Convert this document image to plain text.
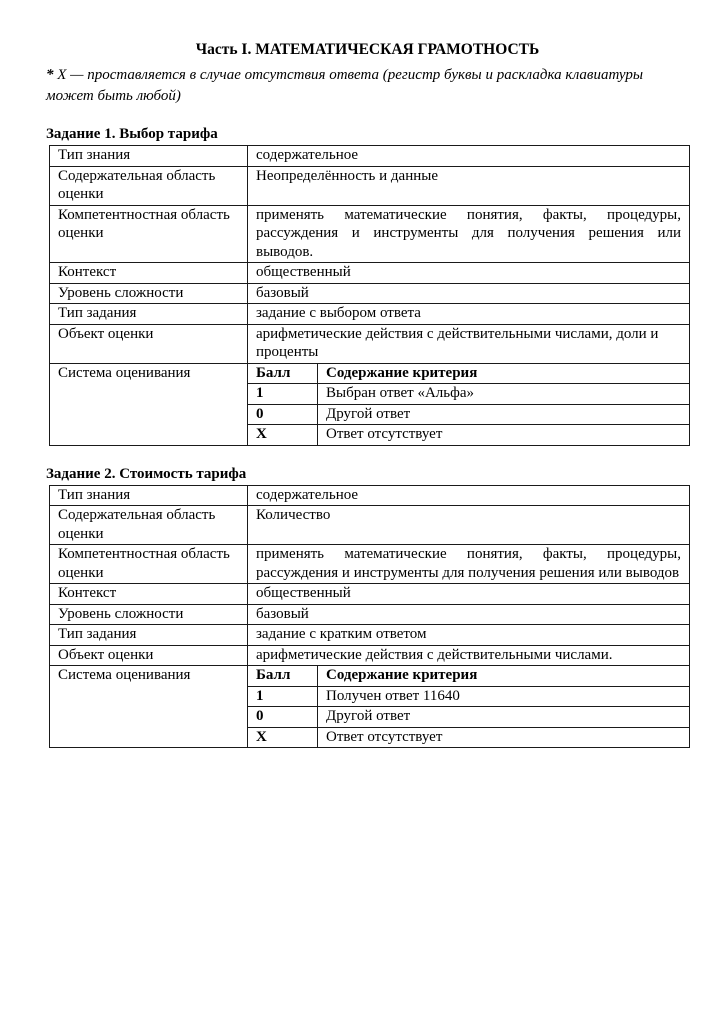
Часть I. МАТЕМАТИЧЕСКАЯ ГРАМОТНОСТЬ

* X — проставляется в случае отсутствия ответа (регистр буквы и раскладка клавиатуры может быть любой)

Задание 1. Выбор тарифа
Тип знания	содержательное	
Содержательная область оценки	Неопределённость и данные	
Компетентностная область оценки	применять математические понятия, факты, процедуры, рассуждения и инструменты для получения решения или выводов.	
Контекст	общественный	
Уровень сложности	базовый	
Тип задания	задание с выбором ответа	
Объект оценки	арифметические действия с действительными числами, доли и проценты	
Система оценивания	Балл	Содержание критерия
	1	Выбран ответ «Альфа»
	0	Другой ответ
	X	Ответ отсутствует
Задание 2. Стоимость тарифа
Тип знания	содержательное	
Содержательная область оценки	Количество	
Компетентностная область оценки	применять математические понятия, факты, процедуры, рассуждения и инструменты для получения решения или выводов	
Контекст	общественный	
Уровень сложности	базовый	
Тип задания	задание с кратким ответом	
Объект оценки	арифметические действия с действительными числами.	
Система оценивания	Балл	Содержание критерия
	1	Получен ответ 11640
	0	Другой ответ
	X	Ответ отсутствует
